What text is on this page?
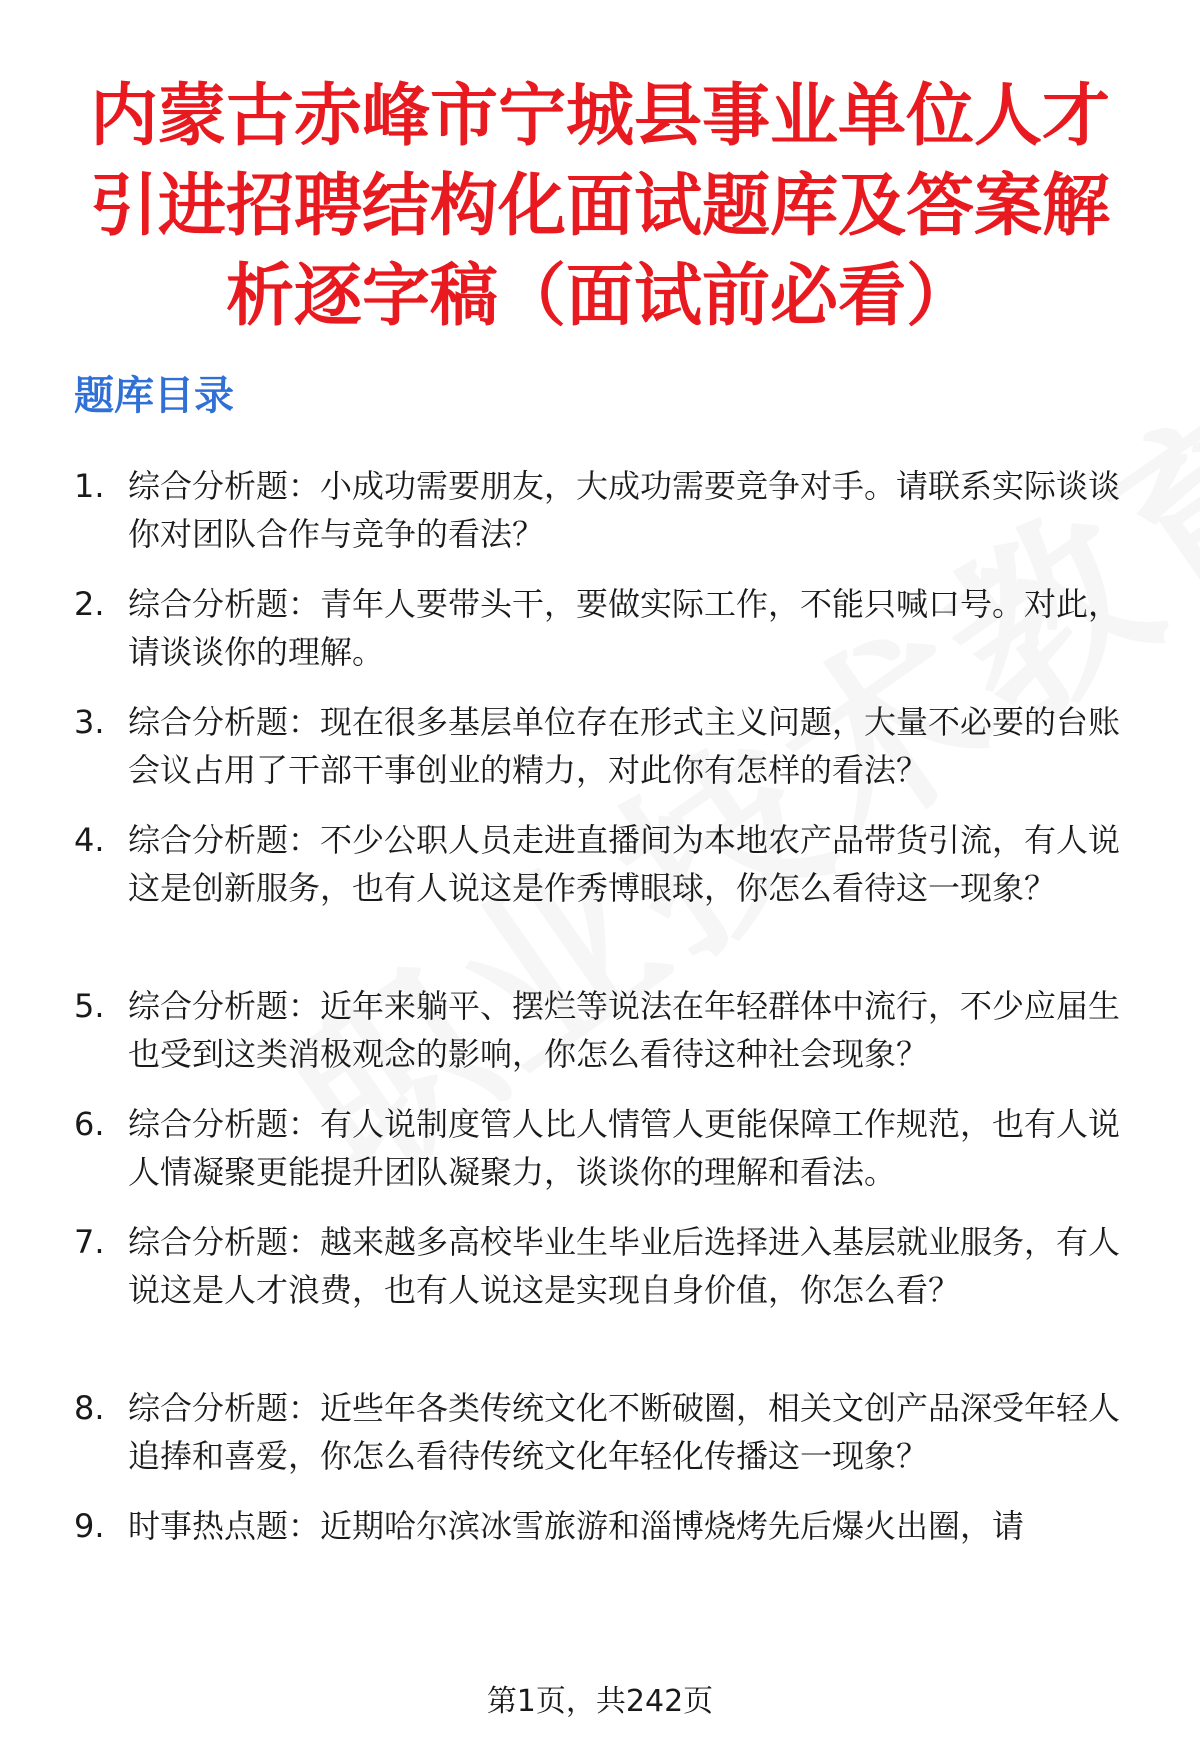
内蒙古赤峰市宁城县事业单位人才引进招聘结构化面试题库及答案解析逐字稿（面试前必看）
题库目录
1. 综合分析题：小成功需要朋友，大成功需要竞争对手。请联系实际谈谈你对团队合作与竞争的看法？
2. 综合分析题：青年人要带头干，要做实际工作，不能只喊口号。对此，请谈谈你的理解。
3. 综合分析题：现在很多基层单位存在形式主义问题，大量不必要的台账会议占用了干部干事创业的精力，对此你有怎样的看法？
4. 综合分析题：不少公职人员走进直播间为本地农产品带货引流，有人说这是创新服务，也有人说这是作秀博眼球，你怎么看待这一现象？
5. 综合分析题：近年来躺平、摆烂等说法在年轻群体中流行，不少应届生也受到这类消极观念的影响，你怎么看待这种社会现象？
6. 综合分析题：有人说制度管人比人情管人更能保障工作规范，也有人说人情凝聚更能提升团队凝聚力，谈谈你的理解和看法。
7. 综合分析题：越来越多高校毕业生毕业后选择进入基层就业服务，有人说这是人才浪费，也有人说这是实现自身价值，你怎么看？
8. 综合分析题：近些年各类传统文化不断破圈，相关文创产品深受年轻人追捧和喜爱，你怎么看待传统文化年轻化传播这一现象？
9. 时事热点题：近期哈尔滨冰雪旅游和淄博烧烤先后爆火出圈，请
第1页，共242页
